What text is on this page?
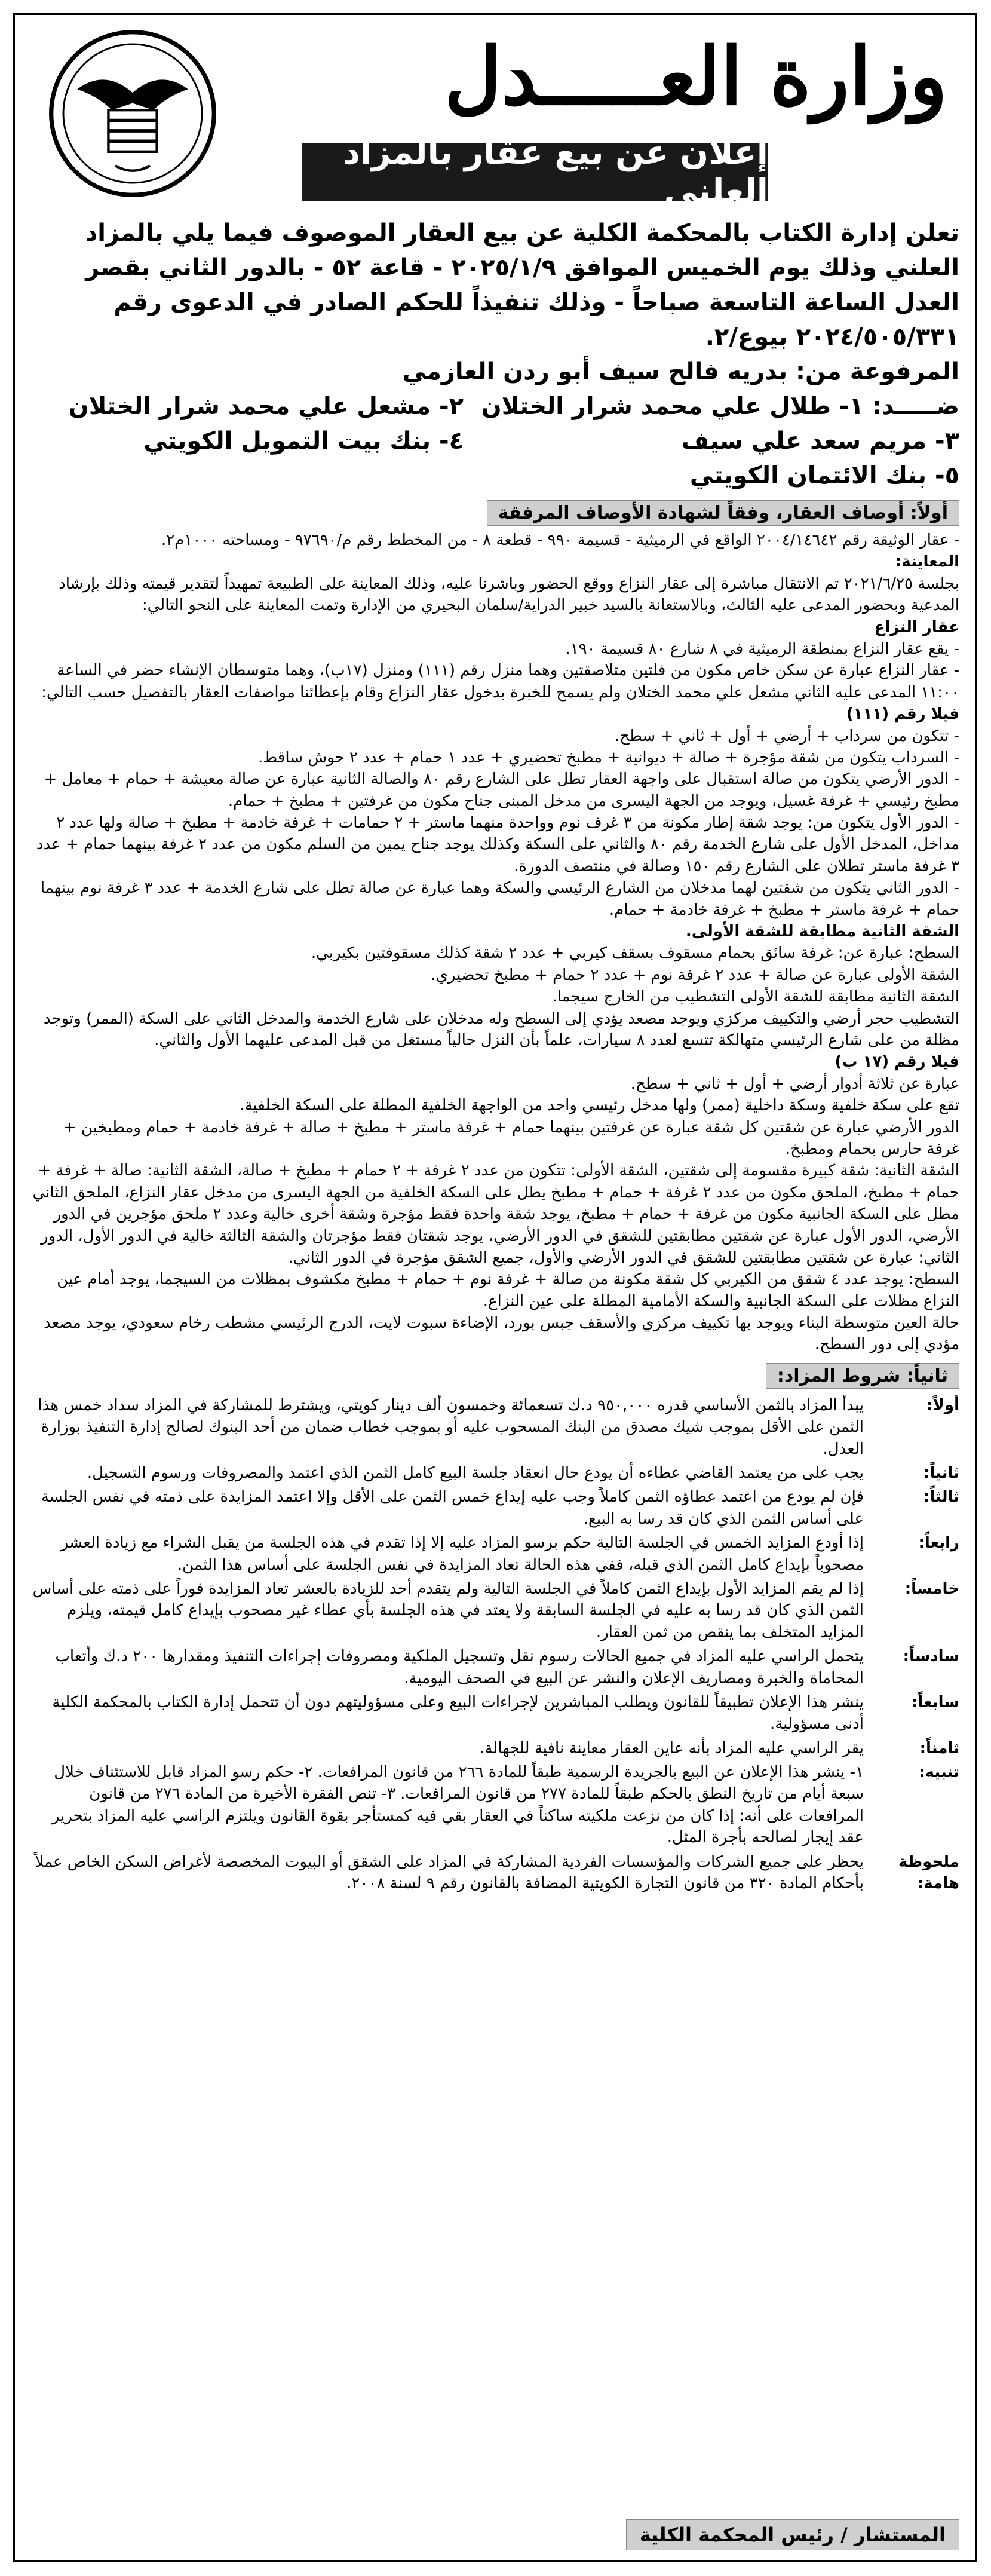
وزارة العـــــدل
إعلان عن بيع عقار بالمزاد العلني

تعلن إدارة الكتاب بالمحكمة الكلية عن بيع العقار الموصوف فيما يلي بالمزاد العلني وذلك يوم الخميس الموافق ٢٠٢٥/١/٩ - قاعة ٥٢ - بالدور الثاني بقصر العدل الساعة التاسعة صباحاً - وذلك تنفيذاً للحكم الصادر في الدعوى رقم ٢٠٢٤/٥٠٥/٣٣١ بيوع/٢.

المرفوعة من: بدريه فالح سيف أبو ردن العازمي
ضـــــد: ١- طلال علي محمد شرار الختلان
٢- مشعل علي محمد شرار الختلان
٣- مريم سعد علي سيف
٤- بنك بيت التمويل الكويتي
٥- بنك الائتمان الكويتي
أولاً: أوصاف العقار، وفقاً لشهادة الأوصاف المرفقة

- عقار الوثيقة رقم ٢٠٠٤/١٤٦٤٢ الواقع في الرميثية - قسيمة ٩٩٠ - قطعة ٨ - من المخطط رقم م/٩٧٦٩٠ - ومساحته ١٠٠٠م٢.

المعاينة:

بجلسة ٢٠٢١/٦/٢٥ تم الانتقال مباشرة إلى عقار النزاع ووقع الحضور وباشرنا عليه، وذلك المعاينة على الطبيعة تمهيداً لتقدير قيمته وذلك بإرشاد المدعية وبحضور المدعى عليه الثالث، وبالاستعانة بالسيد خبير الدراية/سلمان البحيري من الإدارة وتمت المعاينة على النحو التالي:

عقار النزاع

- يقع عقار النزاع بمنطقة الرميثية في ٨ شارع ٨٠ قسيمة ١٩٠.

- عقار النزاع عبارة عن سكن خاص مكون من فلتين متلاصقتين وهما منزل رقم (١١١) ومنزل (١٧ب)، وهما متوسطان الإنشاء حضر في الساعة ١١:٠٠ المدعى عليه الثاني مشعل علي محمد الختلان ولم يسمح للخبرة بدخول عقار النزاع وقام بإعطائنا مواصفات العقار بالتفصيل حسب التالي:

فيلا رقم (١١١)

- تتكون من سرداب + أرضي + أول + ثاني + سطح.

- السرداب يتكون من شقة مؤجرة + صالة + ديوانية + مطبخ تحضيري + عدد ١ حمام + عدد ٢ حوش ساقط.

- الدور الأرضي يتكون من صالة استقبال على واجهة العقار تطل على الشارع رقم ٨٠ والصالة الثانية عبارة عن صالة معيشة + حمام + معامل + مطبخ رئيسي + غرفة غسيل، ويوجد من الجهة اليسرى من مدخل المبنى جناح مكون من غرفتين + مطبخ + حمام.

- الدور الأول يتكون من: يوجد شقة إطار مكونة من ٣ غرف نوم وواحدة منهما ماستر + ٢ حمامات + غرفة خادمة + مطبخ + صالة ولها عدد ٢ مداخل، المدخل الأول على شارع الخدمة رقم ٨٠ والثاني على السكة وكذلك يوجد جناح يمين من السلم مكون من عدد ٢ غرفة بينهما حمام + عدد ٣ غرفة ماستر تطلان على الشارع رقم ١٥٠ وصالة في منتصف الدورة.

- الدور الثاني يتكون من شقتين لهما مدخلان من الشارع الرئيسي والسكة وهما عبارة عن صالة تطل على شارع الخدمة + عدد ٣ غرفة نوم بينهما حمام + غرفة ماستر + مطبخ + غرفة خادمة + حمام.

الشقة الثانية مطابقة للشقة الأولى.

السطح: عبارة عن: غرفة سائق بحمام مسقوف بسقف كيربي + عدد ٢ شقة كذلك مسقوفتين بكيربي.

الشقة الأولى عبارة عن صالة + عدد ٢ غرفة نوم + عدد ٢ حمام + مطبخ تحضيري.

الشقة الثانية مطابقة للشقة الأولى التشطيب من الخارج سيجما.

التشطيب حجر أرضي والتكييف مركزي ويوجد مصعد يؤدي إلى السطح وله مدخلان على شارع الخدمة والمدخل الثاني على السكة (الممر) وتوجد مظلة من على شارع الرئيسي متهالكة تتسع لعدد ٨ سيارات، علماً بأن النزل حالياً مستغل من قبل المدعى عليهما الأول والثاني.

فيلا رقم (١٧ ب)

عبارة عن ثلاثة أدوار أرضي + أول + ثاني + سطح.

تقع على سكة خلفية وسكة داخلية (ممر) ولها مدخل رئيسي واحد من الواجهة الخلفية المطلة على السكة الخلفية.

الدور الأرضي عبارة عن شقتين كل شقة عبارة عن غرفتين بينهما حمام + غرفة ماستر + مطبخ + صالة + غرفة خادمة + حمام ومطبخين + غرفة حارس بحمام ومطبخ.

الشقة الثانية: شقة كبيرة مقسومة إلى شقتين، الشقة الأولى: تتكون من عدد ٢ غرفة + ٢ حمام + مطبخ + صالة، الشقة الثانية: صالة + غرفة + حمام + مطبخ، الملحق مكون من عدد ٢ غرفة + حمام + مطبخ يطل على السكة الخلفية من الجهة اليسرى من مدخل عقار النزاع، الملحق الثاني مطل على السكة الجانبية مكون من غرفة + حمام + مطبخ، يوجد شقة واحدة فقط مؤجرة وشقة أخرى خالية وعدد ٢ ملحق مؤجرين في الدور الأرضي، الدور الأول عبارة عن شقتين مطابقتين للشقق في الدور الأرضي، يوجد شقتان فقط مؤجرتان والشقة الثالثة خالية في الدور الأول، الدور الثاني: عبارة عن شقتين مطابقتين للشقق في الدور الأرضي والأول، جميع الشقق مؤجرة في الدور الثاني.

السطح: يوجد عدد ٤ شقق من الكيربي كل شقة مكونة من صالة + غرفة نوم + حمام + مطبخ مكشوف بمظلات من السيجما، يوجد أمام عين النزاع مظلات على السكة الجانبية والسكة الأمامية المطلة على عين النزاع.

حالة العين متوسطة البناء ويوجد بها تكييف مركزي والأسقف جبس بورد، الإضاءة سبوت لايت، الدرج الرئيسي مشطب رخام سعودي، يوجد مصعد مؤدي إلى دور السطح.

ثانياً: شروط المزاد:
أولاً:
يبدأ المزاد بالثمن الأساسي قدره ٩٥٠,٠٠٠ د.ك تسعمائة وخمسون ألف دينار كويتي، ويشترط للمشاركة في المزاد سداد خمس هذا الثمن على الأقل بموجب شيك مصدق من البنك المسحوب عليه أو بموجب خطاب ضمان من أحد البنوك لصالح إدارة التنفيذ بوزارة العدل.
ثانياً:
يجب على من يعتمد القاضي عطاءه أن يودع حال انعقاد جلسة البيع كامل الثمن الذي اعتمد والمصروفات ورسوم التسجيل.
ثالثاً:
فإن لم يودع من اعتمد عطاؤه الثمن كاملاً وجب عليه إيداع خمس الثمن على الأقل وإلا اعتمد المزايدة على ذمته في نفس الجلسة على أساس الثمن الذي كان قد رسا به البيع.
رابعاً:
إذا أودع المزايد الخمس في الجلسة التالية حكم برسو المزاد عليه إلا إذا تقدم في هذه الجلسة من يقبل الشراء مع زيادة العشر مصحوباً بإيداع كامل الثمن الذي قبله، ففي هذه الحالة تعاد المزايدة في نفس الجلسة على أساس هذا الثمن.
خامساً:
إذا لم يقم المزايد الأول بإيداع الثمن كاملاً في الجلسة التالية ولم يتقدم أحد للزيادة بالعشر تعاد المزايدة فوراً على ذمته على أساس الثمن الذي كان قد رسا به عليه في الجلسة السابقة ولا يعتد في هذه الجلسة بأي عطاء غير مصحوب بإيداع كامل قيمته، ويلزم المزايد المتخلف بما ينقص من ثمن العقار.
سادساً:
يتحمل الراسي عليه المزاد في جميع الحالات رسوم نقل وتسجيل الملكية ومصروفات إجراءات التنفيذ ومقدارها ٢٠٠ د.ك وأتعاب المحاماة والخبرة ومصاريف الإعلان والنشر عن البيع في الصحف اليومية.
سابعاً:
ينشر هذا الإعلان تطبيقاً للقانون ويطلب المباشرين لإجراءات البيع وعلى مسؤوليتهم دون أن تتحمل إدارة الكتاب بالمحكمة الكلية أدنى مسؤولية.
ثامناً:
يقر الراسي عليه المزاد بأنه عاين العقار معاينة نافية للجهالة.
تنبيه:
١- ينشر هذا الإعلان عن البيع بالجريدة الرسمية طبقاً للمادة ٢٦٦ من قانون المرافعات. ٢- حكم رسو المزاد قابل للاستئناف خلال سبعة أيام من تاريخ النطق بالحكم طبقاً للمادة ٢٧٧ من قانون المرافعات. ٣- تنص الفقرة الأخيرة من المادة ٢٧٦ من قانون المرافعات على أنه: إذا كان من نزعت ملكيته ساكناً في العقار بقي فيه كمستأجر بقوة القانون ويلتزم الراسي عليه المزاد بتحرير عقد إيجار لصالحه بأجرة المثل.
ملحوظة هامة:
يحظر على جميع الشركات والمؤسسات الفردية المشاركة في المزاد على الشقق أو البيوت المخصصة لأغراض السكن الخاص عملاً بأحكام المادة ٣٢٠ من قانون التجارة الكويتية المضافة بالقانون رقم ٩ لسنة ٢٠٠٨.
المستشار / رئيس المحكمة الكلية
